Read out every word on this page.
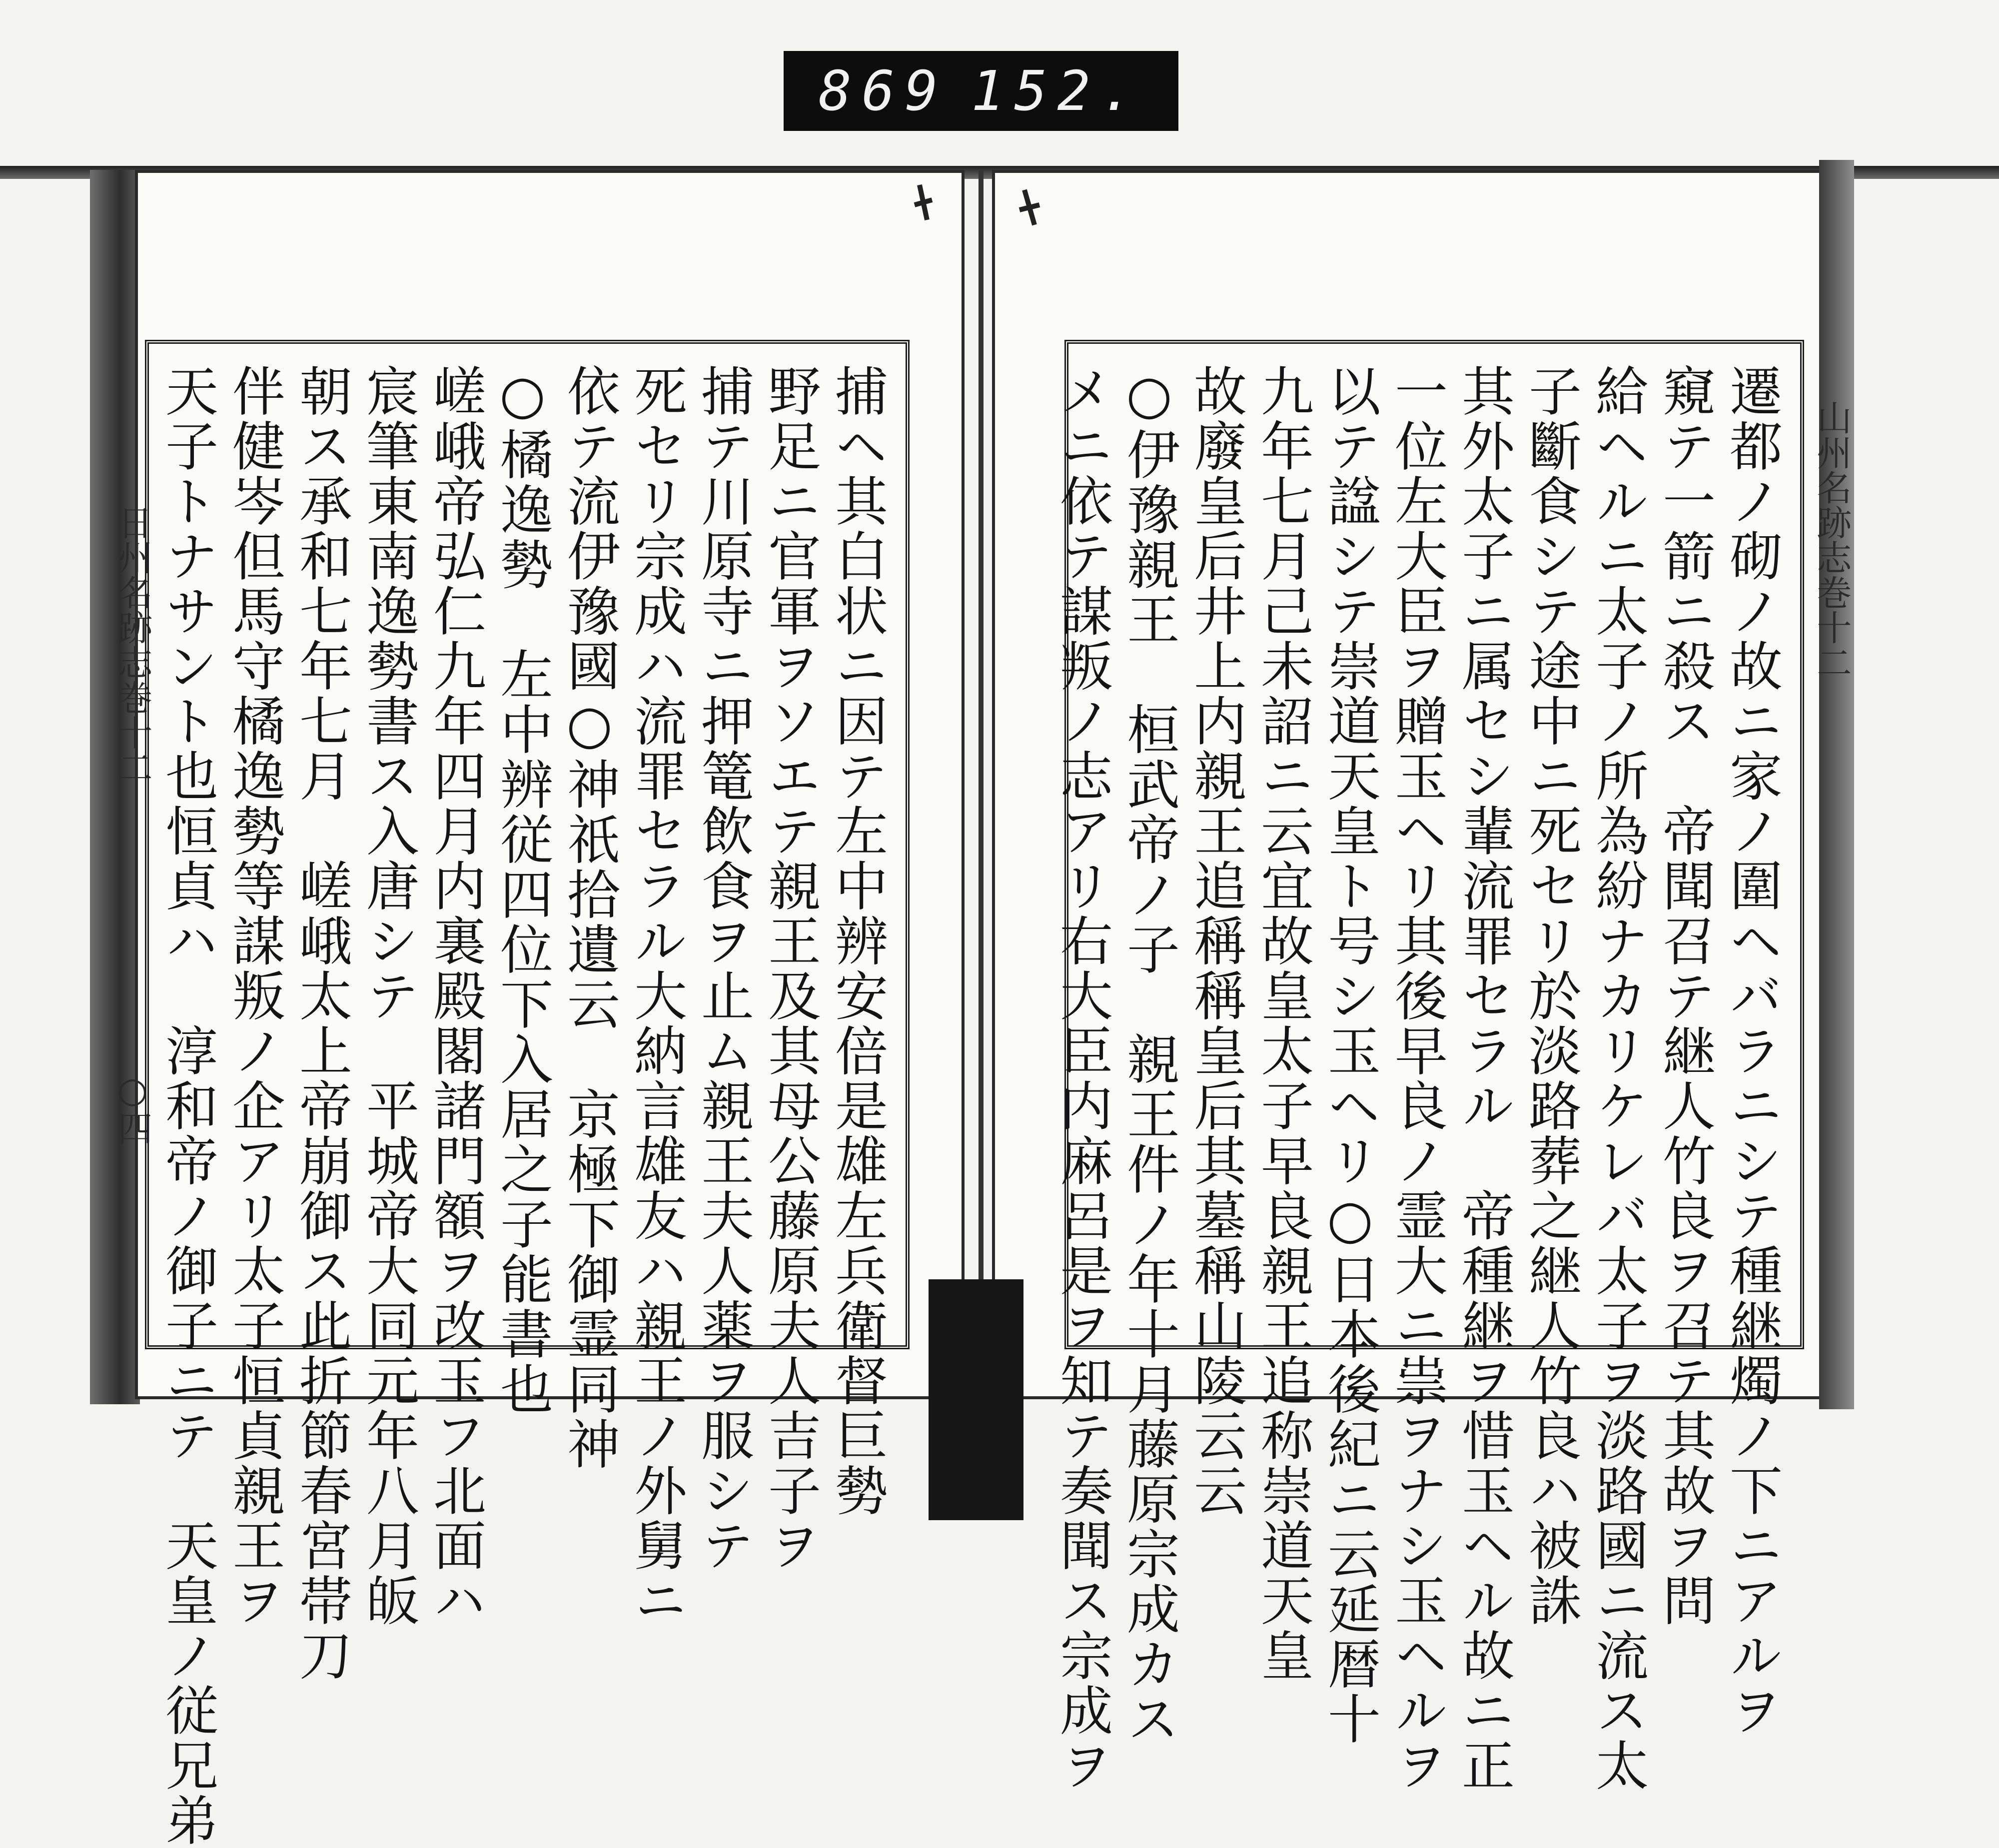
869 152.
日州名跡志巻十二
○四
山州名跡志巻十二
捕ヘ其白状ニ因テ左中辨安倍是雄左兵衛督巨勢
野足ニ官軍ヲソエテ親王及其母公藤原夫人吉子ヲ
捕テ川原寺ニ押篭飲食ヲ止ム親王夫人薬ヲ服シテ
死セリ宗成ハ流罪セラル大納言雄友ハ親王ノ外舅ニ
依テ流伊豫國○神祇拾遺云　京極下御霊同神
○橘逸勢　左中辨従四位下入居之子能書也
嵯峨帝弘仁九年四月内裏殿閣諸門額ヲ改玉フ北面ハ
宸筆東南逸勢書ス入唐シテ　平城帝大同元年八月皈
朝ス承和七年七月　嵯峨太上帝崩御ス此折節春宮帯刀
伴健岑但馬守橘逸勢等謀叛ノ企アリ太子恒貞親王ヲ
天子トナサント也恒貞ハ　淳和帝ノ御子ニテ　天皇ノ従兄弟	遷都ノ砌ノ故ニ家ノ圍ヘバラニシテ種継燭ノ下ニアルヲ
窺テ一箭ニ殺ス　帝聞召テ継人竹良ヲ召テ其故ヲ問
給ヘルニ太子ノ所為紛ナカリケレバ太子ヲ淡路國ニ流ス太
子斷食シテ途中ニ死セリ於淡路葬之継人竹良ハ被誅
其外太子ニ属セシ輩流罪セラル　帝種継ヲ惜玉ヘル故ニ正
一位左大臣ヲ贈玉ヘリ其後早良ノ霊大ニ祟ヲナシ玉ヘルヲ
以テ諡シテ崇道天皇ト号シ玉ヘリ○日本後紀ニ云延暦十
九年七月己未詔ニ云宜故皇太子早良親王追称崇道天皇
故廢皇后井上内親王追稱稱皇后其墓稱山陵云云
○伊豫親王　桓武帝ノ子　親王件ノ年十月藤原宗成カス
メニ依テ謀叛ノ志アリ右大臣内麻呂是ヲ知テ奏聞ス宗成ヲ
